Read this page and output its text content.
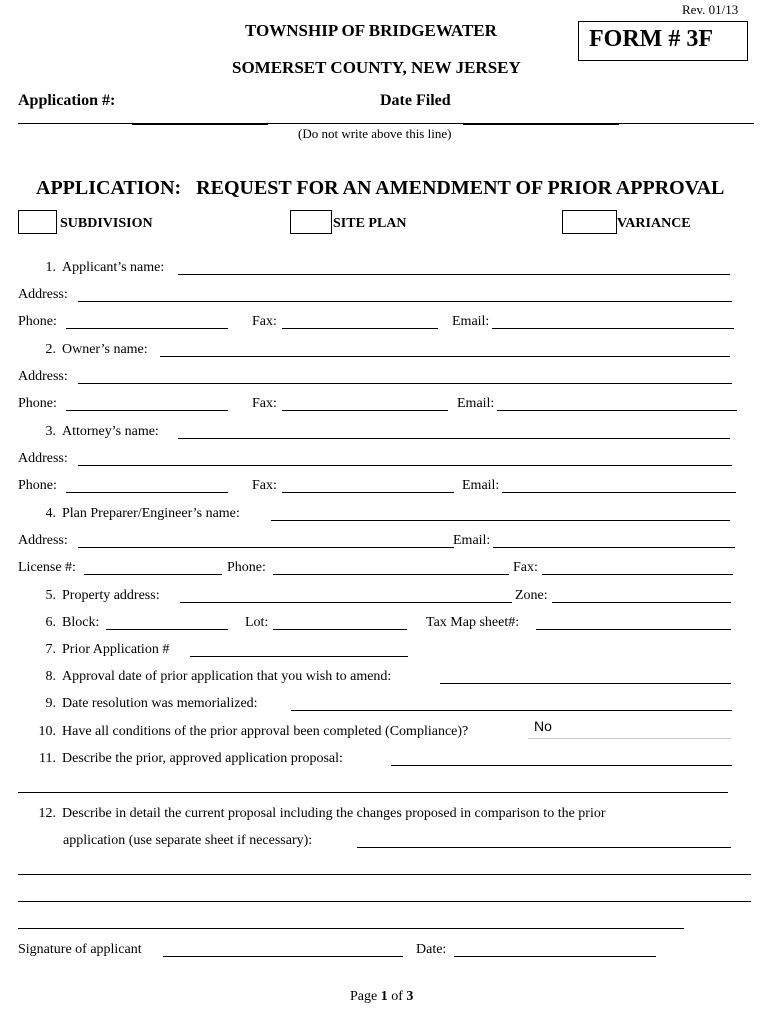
Rev. 01/13
TOWNSHIP OF BRIDGEWATER
SOMERSET COUNTY, NEW JERSEY
FORM # 3F
Application #:	Date Filed
(Do not write above this line)
APPLICATION:   REQUEST FOR AN AMENDMENT OF PRIOR APPROVAL
SUBDIVISION	SITE PLAN	VARIANCE
1. Applicant’s name:
Address:
Phone:	Fax:	Email:
2. Owner’s name:
Address:
Phone:	Fax:	Email:
3. Attorney’s name:
Address:
Phone:	Fax:	Email:
4. Plan Preparer/Engineer’s name:
Address:	Email:
License #:	Phone:	Fax:
5. Property address:	Zone:
6. Block:	Lot:	Tax Map sheet#:
7. Prior Application #
8. Approval date of prior application that you wish to amend:
9. Date resolution was memorialized:
10. Have all conditions of the prior approval been completed (Compliance)?	No
11. Describe the prior, approved application proposal:
12. Describe in detail the current proposal including the changes proposed in comparison to the prior
application (use separate sheet if necessary):
Signature of applicant	Date:
Page 1 of 3
